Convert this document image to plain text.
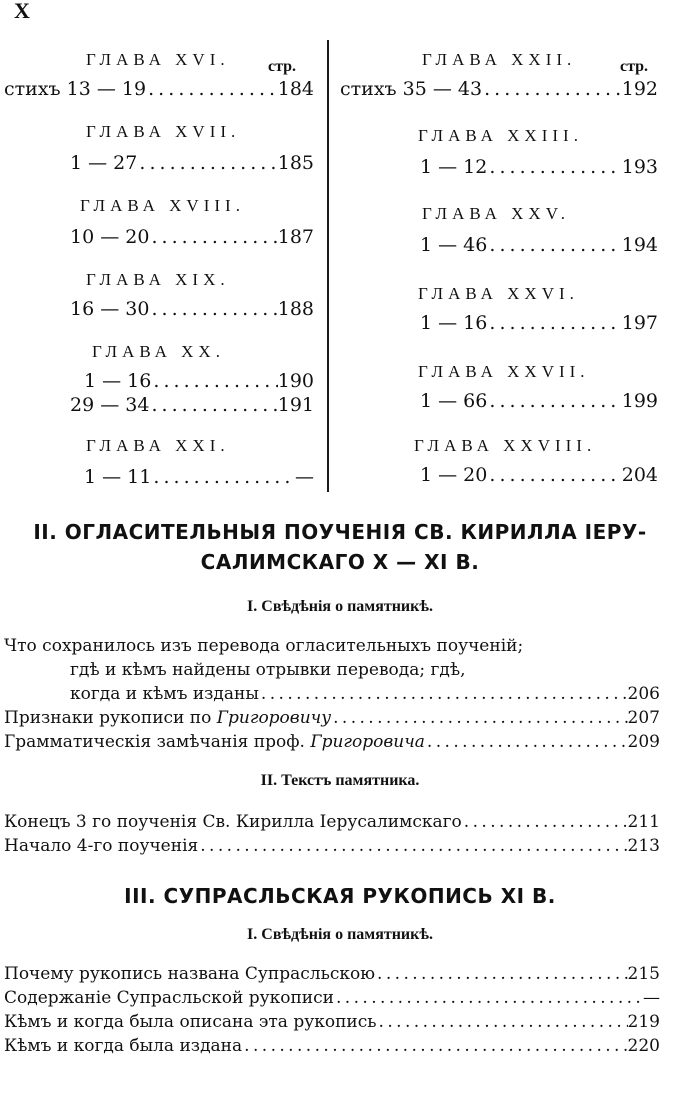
X
ГЛАВА XVI. стр.
стихъ 13 — 19 . . .	184
ГЛАВА XVII.
1 — 27 . . .	185
ГЛАВА XVIII.
10 — 20 . . .	187
ГЛАВА XIX.
16 — 30 . . .	188
ГЛАВА XX.
1 — 16 . . .	190
29 — 34 . . .	191
ГЛАВА XXI.
1 — 11 . . .	—
ГЛАВА XXII.	стр.
стихъ 35 — 43 . . .	192
ГЛАВА XXIII.
1 — 12 . . .	193
ГЛАВА XXV.
1 — 46 . . .	194
ГЛАВА XXVI.
1 — 16 . . .	197
ГЛАВА XXVII.
1 — 66 . . .	199
ГЛАВА XXVIII.
1 — 20 . . .	204
II. ОГЛАСИТЕЛЬНЫЯ ПОУЧЕНІЯ СВ. КИРИЛЛА ІЕРУ-
САЛИМСКАГО X — XI В.
I. Свѣдѣнія о памятникѣ.
Что сохранилось изъ перевода огласительныхъ поученій;
гдѣ и кѣмъ найдены отрывки перевода; гдѣ,
когда и кѣмъ изданы . . .	206
Признаки рукописи по Григоровичу . . .	207
Грамматическія замѣчанія проф. Григоровича . . .	209
II. Текстъ памятника.
Конецъ 3 го поученія Св. Кирилла Іерусалимскаго . . .	211
Начало 4-го поученія . . .	213
III. СУПРАСЛЬСКАЯ РУКОПИСЬ XI В.
I. Свѣдѣнія о памятникѣ.
Почему рукопись названа Супрасльскою . . .	215
Содержаніе Супрасльской рукописи . . .	—
Кѣмъ и когда была описана эта рукопись . . .	219
Кѣмъ и когда была издана . . .	220
